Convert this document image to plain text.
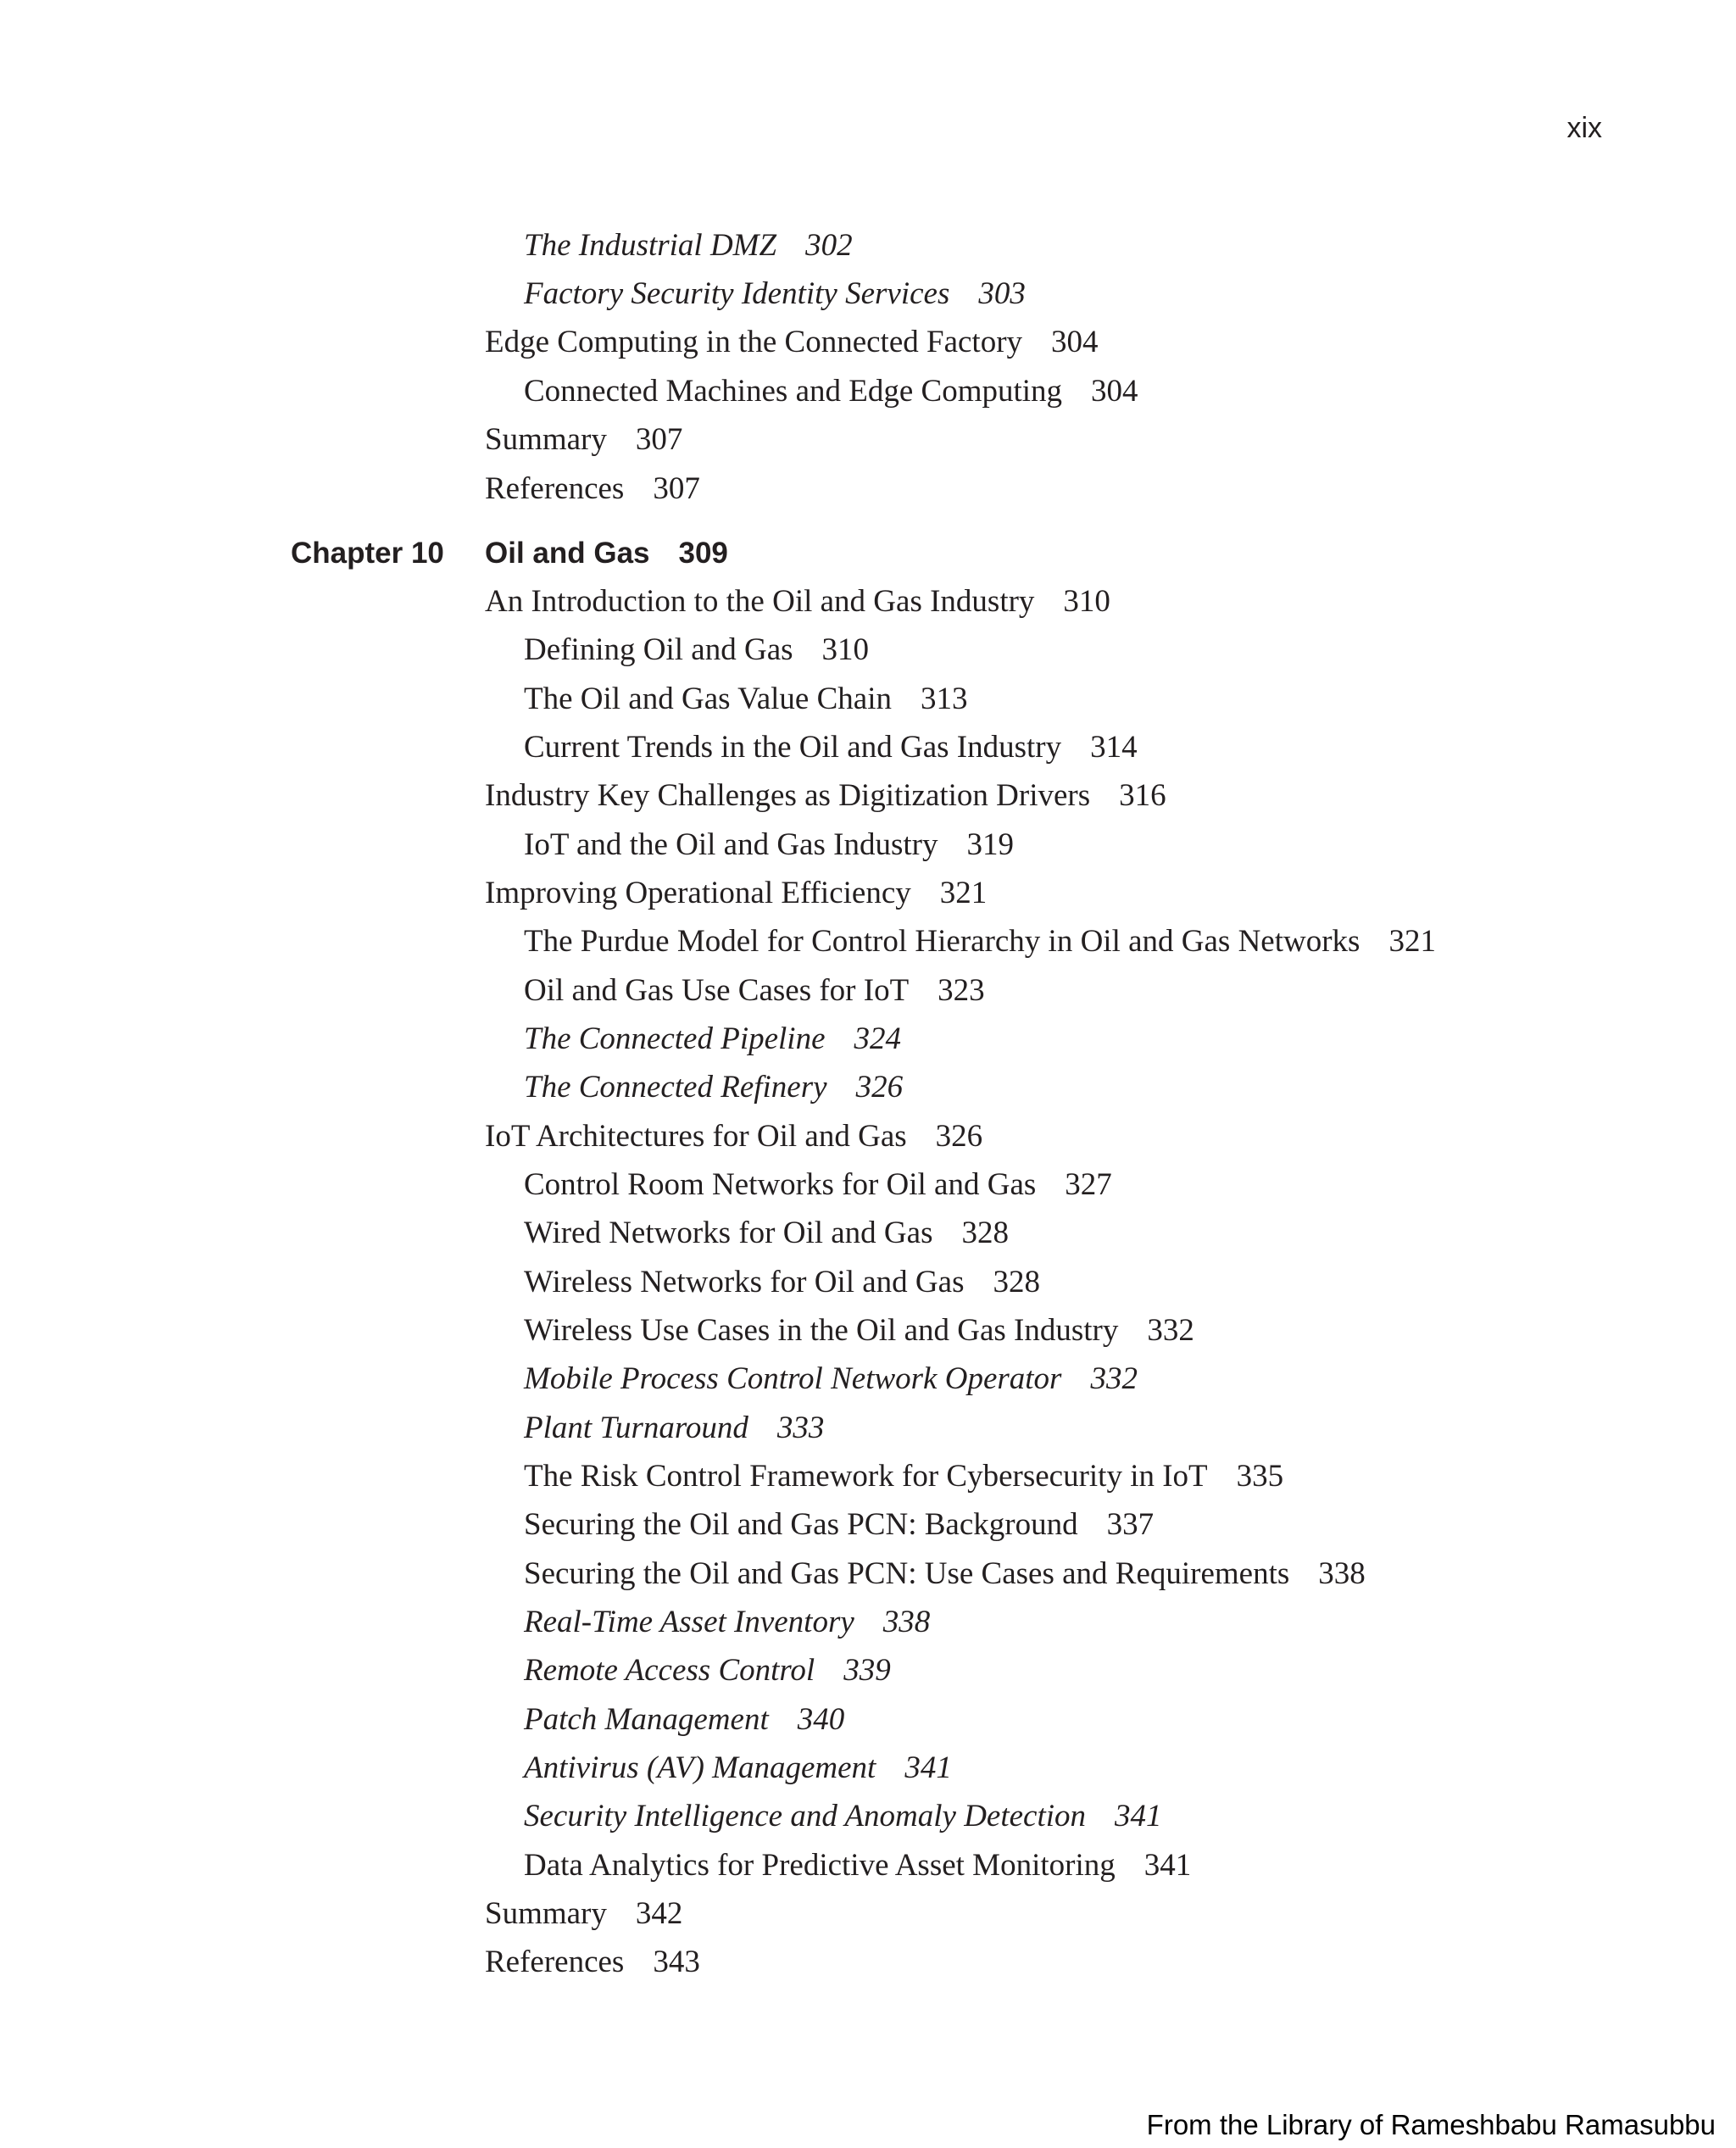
xix
The Industrial DMZ 302
Factory Security Identity Services 303
Edge Computing in the Connected Factory 304
Connected Machines and Edge Computing 304
Summary 307
References 307
Chapter 10 Oil and Gas 309
An Introduction to the Oil and Gas Industry 310
Defining Oil and Gas 310
The Oil and Gas Value Chain 313
Current Trends in the Oil and Gas Industry 314
Industry Key Challenges as Digitization Drivers 316
IoT and the Oil and Gas Industry 319
Improving Operational Efficiency 321
The Purdue Model for Control Hierarchy in Oil and Gas Networks 321
Oil and Gas Use Cases for IoT 323
The Connected Pipeline 324
The Connected Refinery 326
IoT Architectures for Oil and Gas 326
Control Room Networks for Oil and Gas 327
Wired Networks for Oil and Gas 328
Wireless Networks for Oil and Gas 328
Wireless Use Cases in the Oil and Gas Industry 332
Mobile Process Control Network Operator 332
Plant Turnaround 333
The Risk Control Framework for Cybersecurity in IoT 335
Securing the Oil and Gas PCN: Background 337
Securing the Oil and Gas PCN: Use Cases and Requirements 338
Real-Time Asset Inventory 338
Remote Access Control 339
Patch Management 340
Antivirus (AV) Management 341
Security Intelligence and Anomaly Detection 341
Data Analytics for Predictive Asset Monitoring 341
Summary 342
References 343
From the Library of Rameshbabu Ramasubbu
